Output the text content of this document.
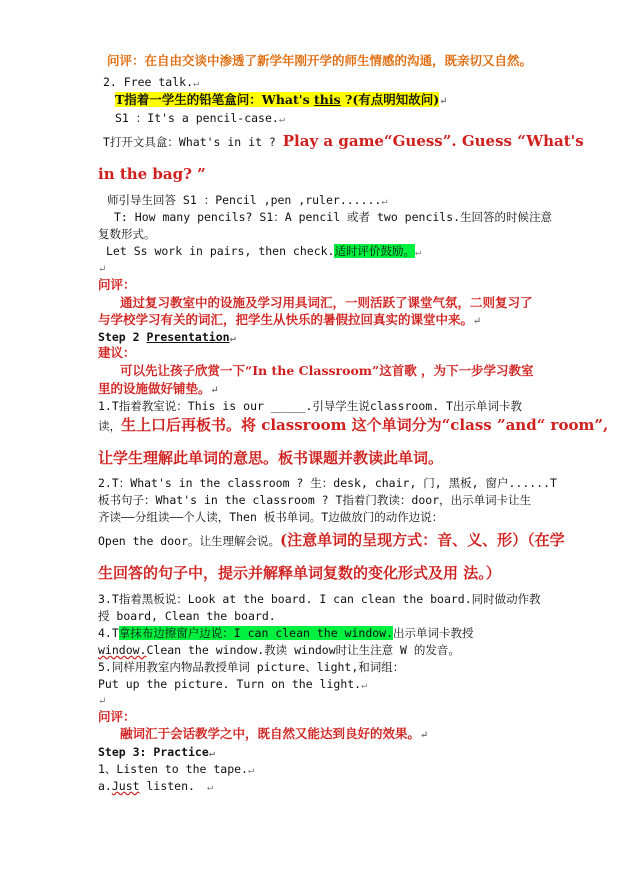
问评：在自由交谈中渗透了新学年刚开学的师生情感的沟通，既亲切又自然。
2. Free talk.↵
T指着一学生的铅笔盒问：What's this ?(有点明知故问)↵
S1 ：It's a pencil-case.↵
T打开文具盒：What's in it ? Play a game“Guess”. Guess “What's
in the bag? ”
师引导生回答 S1 ：Pencil ,pen ,ruler......↵
T: How many pencils? S1：A pencil 或者 two pencils.生回答的时候注意
复数形式。
Let Ss work in pairs, then check.适时评价鼓励。↵
↵
问评：
通过复习教室中的设施及学习用具词汇，一则活跃了课堂气氛，二则复习了
与学校学习有关的词汇，把学生从快乐的暑假拉回真实的课堂中来。↵
Step 2 Presentation↵
建议：
可以先让孩子欣赏一下“In the Classroom”这首歌 ，为下一步学习教室
里的设施做好铺垫。↵
1.T指着教室说：This is our _____.引导学生说classroom. T出示单词卡教
读，生上口后再板书。将 classroom 这个单词分为“class ”and“ room”,
让学生理解此单词的意思。板书课题并教读此单词。
2.T：What's in the classroom ? 生：desk, chair, 门, 黑板, 窗户......T
板书句子：What's in the classroom ? T指着门教读：door，出示单词卡让生
齐读——分组读——个人读，Then 板书单词。T边做放门的动作边说：
Open the door。让生理解会说。(注意单词的呈现方式：音、义、形）（在学
生回答的句子中，提示并解释单词复数的变化形式及用 法。）
3.T指着黑板说：Look at the board. I can clean the board.同时做动作教
授 board, Clean the board.
4.T拿抹布边擦窗户边说：I can clean the window.出示单词卡教授
window.Clean the window.教读 window时让生注意 W 的发音。
5.同样用教室内物品教授单词 picture、light,和词组：
Put up the picture. Turn on the light.↵
↵
问评：
融词汇于会话教学之中，既自然又能达到良好的效果。↵
Step 3: Practice↵
1、Listen to the tape.↵
a.Just listen.  ↵
